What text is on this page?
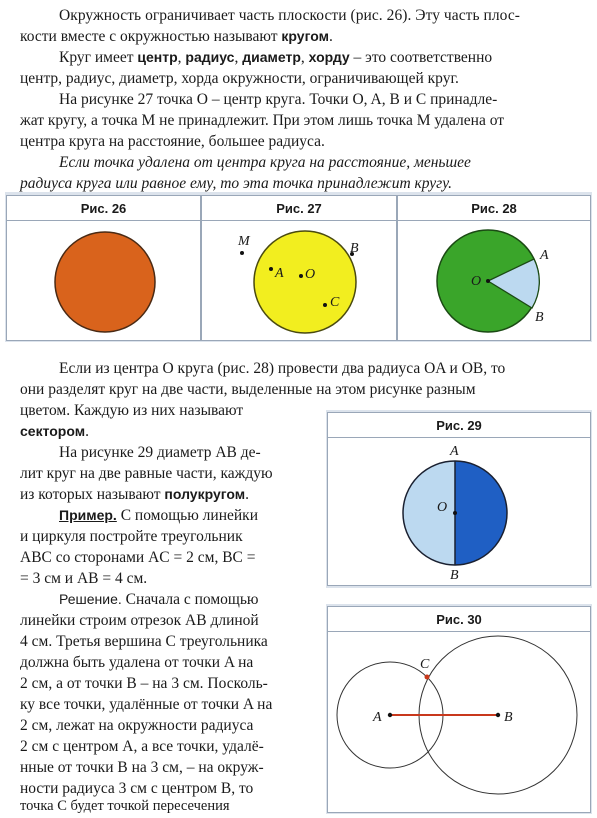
Окружность ограничивает часть плоскости (рис. 26). Эту часть плос-
кости вместе с окружностью называют кругом.
Круг имеет центр, радиус, диаметр, хорду – это соответственно
центр, радиус, диаметр, хорда окружности, ограничивающей круг.
На рисунке 27 точка O – центр круга. Точки O, A, B и C принадле-
жат кругу, а точка M не принадлежит. При этом лишь точка M удалена от
центра круга на расстояние, большее радиуса.
Если точка удалена от центра круга на расстояние, меньшее
радиуса круга или равное ему, то эта точка принадлежит кругу.
Рис. 26	Рис. 27
M
A O
B
C
Рис. 28
O
A
B
Если из центра O круга (рис. 28) провести два радиуса OA и OB, то
они разделят круг на две части, выделенные на этом рисунке разным
цветом. Каждую из них называют
сектором.
На рисунке 29 диаметр AB де-
лит круг на две равные части, каждую
из которых называют полукругом.
Пример. С помощью линейки
и циркуля постройте треугольник
ABC со сторонами AC = 2 см, BC =
= 3 см и AB = 4 см.
Решение. Сначала с помощью
линейки строим отрезок AB длиной
4 см. Третья вершина C треугольника
должна быть удалена от точки A на
2 см, а от точки B – на 3 см. Посколь-
ку все точки, удалённые от точки A на
2 см, лежат на окружности радиуса
2 см с центром A, а все точки, удалё-
нные от точки B на 3 см, – на окруж-
ности радиуса 3 см с центром B, то
точка C будет точкой пересечения
Рис. 29
A
O
B
Рис. 30
A	B
C
